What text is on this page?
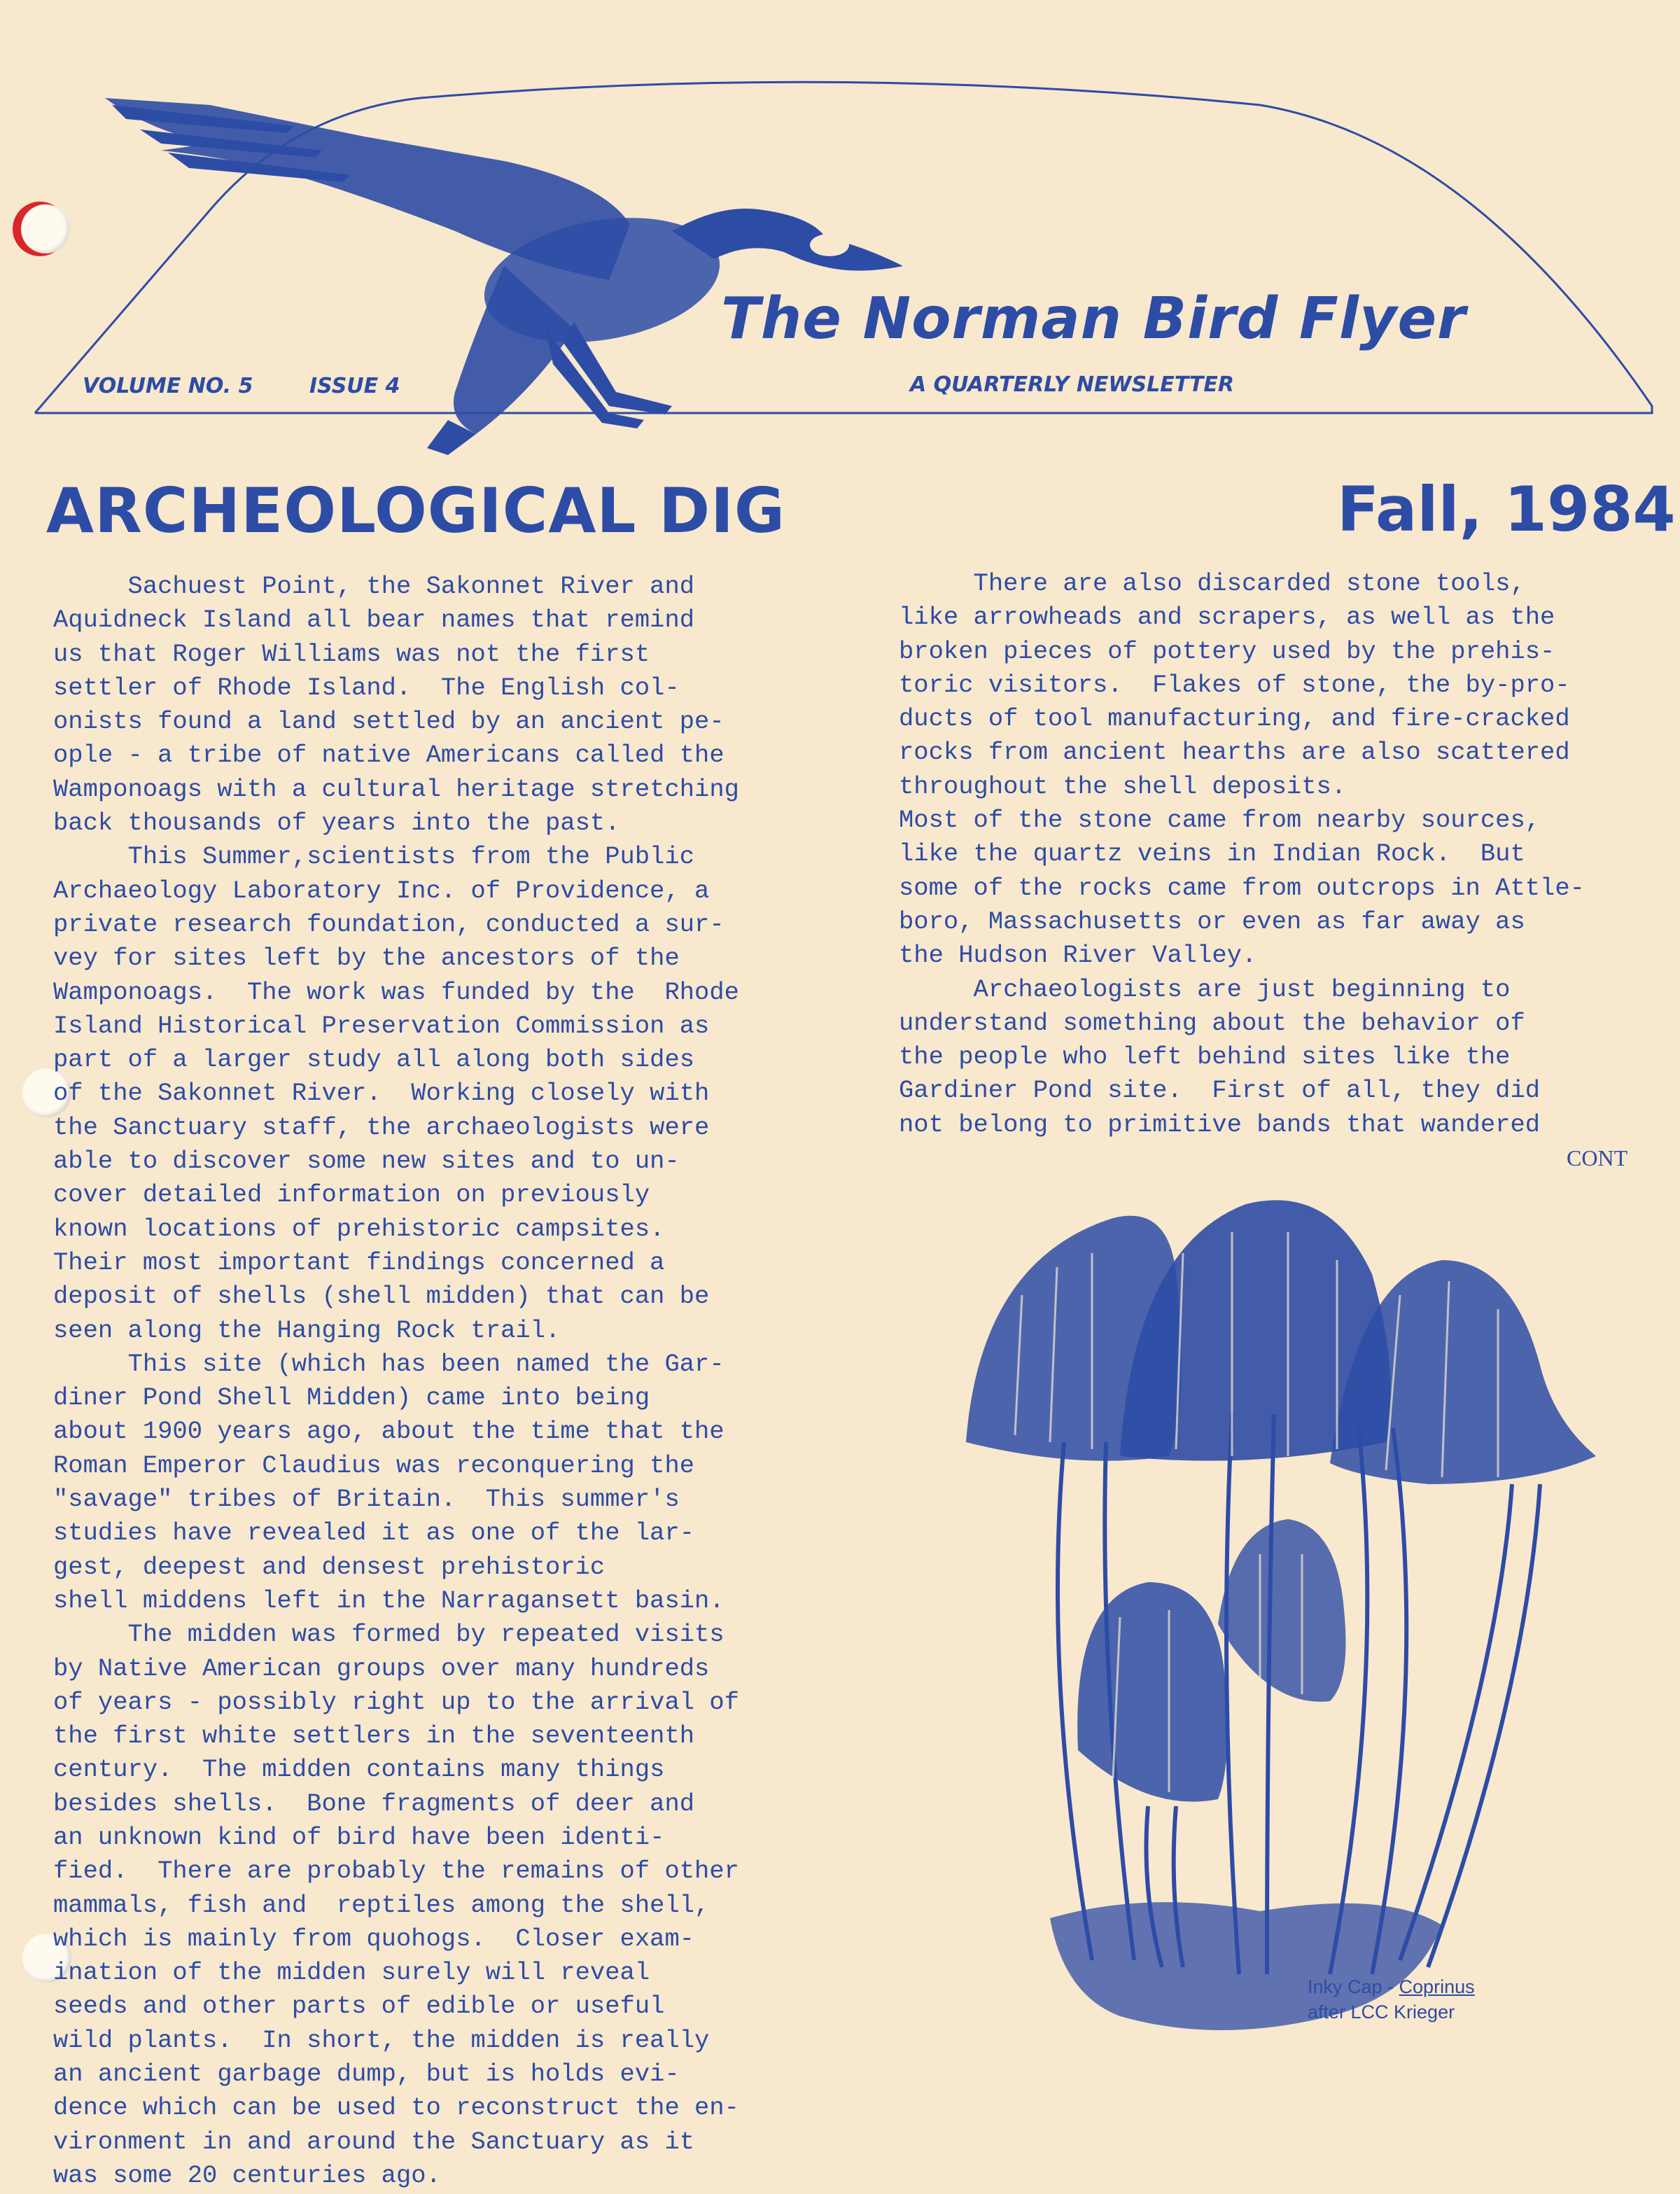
The Norman Bird Flyer
VOLUME NO. 5	ISSUE 4	A QUARTERLY NEWSLETTER
ARCHEOLOGICAL DIG	Fall, 1984
Sachuest Point, the Sakonnet River and
Aquidneck Island all bear names that remind
us that Roger Williams was not the first
settler of Rhode Island.  The English col-
onists found a land settled by an ancient pe-
ople - a tribe of native Americans called the
Wamponoags with a cultural heritage stretching
back thousands of years into the past.
This Summer,scientists from the Public
Archaeology Laboratory Inc. of Providence, a
private research foundation, conducted a sur-
vey for sites left by the ancestors of the
Wamponoags.  The work was funded by the  Rhode
Island Historical Preservation Commission as
part of a larger study all along both sides
of the Sakonnet River.  Working closely with
the Sanctuary staff, the archaeologists were
able to discover some new sites and to un-
cover detailed information on previously
known locations of prehistoric campsites.
Their most important findings concerned a
deposit of shells (shell midden) that can be
seen along the Hanging Rock trail.
This site (which has been named the Gar-
diner Pond Shell Midden) came into being
about 1900 years ago, about the time that the
Roman Emperor Claudius was reconquering the
"savage" tribes of Britain.  This summer's
studies have revealed it as one of the lar-
gest, deepest and densest prehistoric
shell middens left in the Narragansett basin.
The midden was formed by repeated visits
by Native American groups over many hundreds
of years - possibly right up to the arrival of
the first white settlers in the seventeenth
century.  The midden contains many things
besides shells.  Bone fragments of deer and
an unknown kind of bird have been identi-
fied.  There are probably the remains of other
mammals, fish and  reptiles among the shell,
which is mainly from quohogs.  Closer exam-
ination of the midden surely will reveal
seeds and other parts of edible or useful
wild plants.  In short, the midden is really
an ancient garbage dump, but is holds evi-
dence which can be used to reconstruct the en-
vironment in and around the Sanctuary as it
was some 20 centuries ago.
There are also discarded stone tools,
like arrowheads and scrapers, as well as the
broken pieces of pottery used by the prehis-
toric visitors.  Flakes of stone, the by-pro-
ducts of tool manufacturing, and fire-cracked
rocks from ancient hearths are also scattered
throughout the shell deposits.
Most of the stone came from nearby sources,
like the quartz veins in Indian Rock.  But
some of the rocks came from outcrops in Attle-
boro, Massachusetts or even as far away as
the Hudson River Valley.
Archaeologists are just beginning to
understand something about the behavior of
the people who left behind sites like the
Gardiner Pond site.  First of all, they did
not belong to primitive bands that wandered
CONT
Inky Cap - Coprinus
after LCC Krieger
